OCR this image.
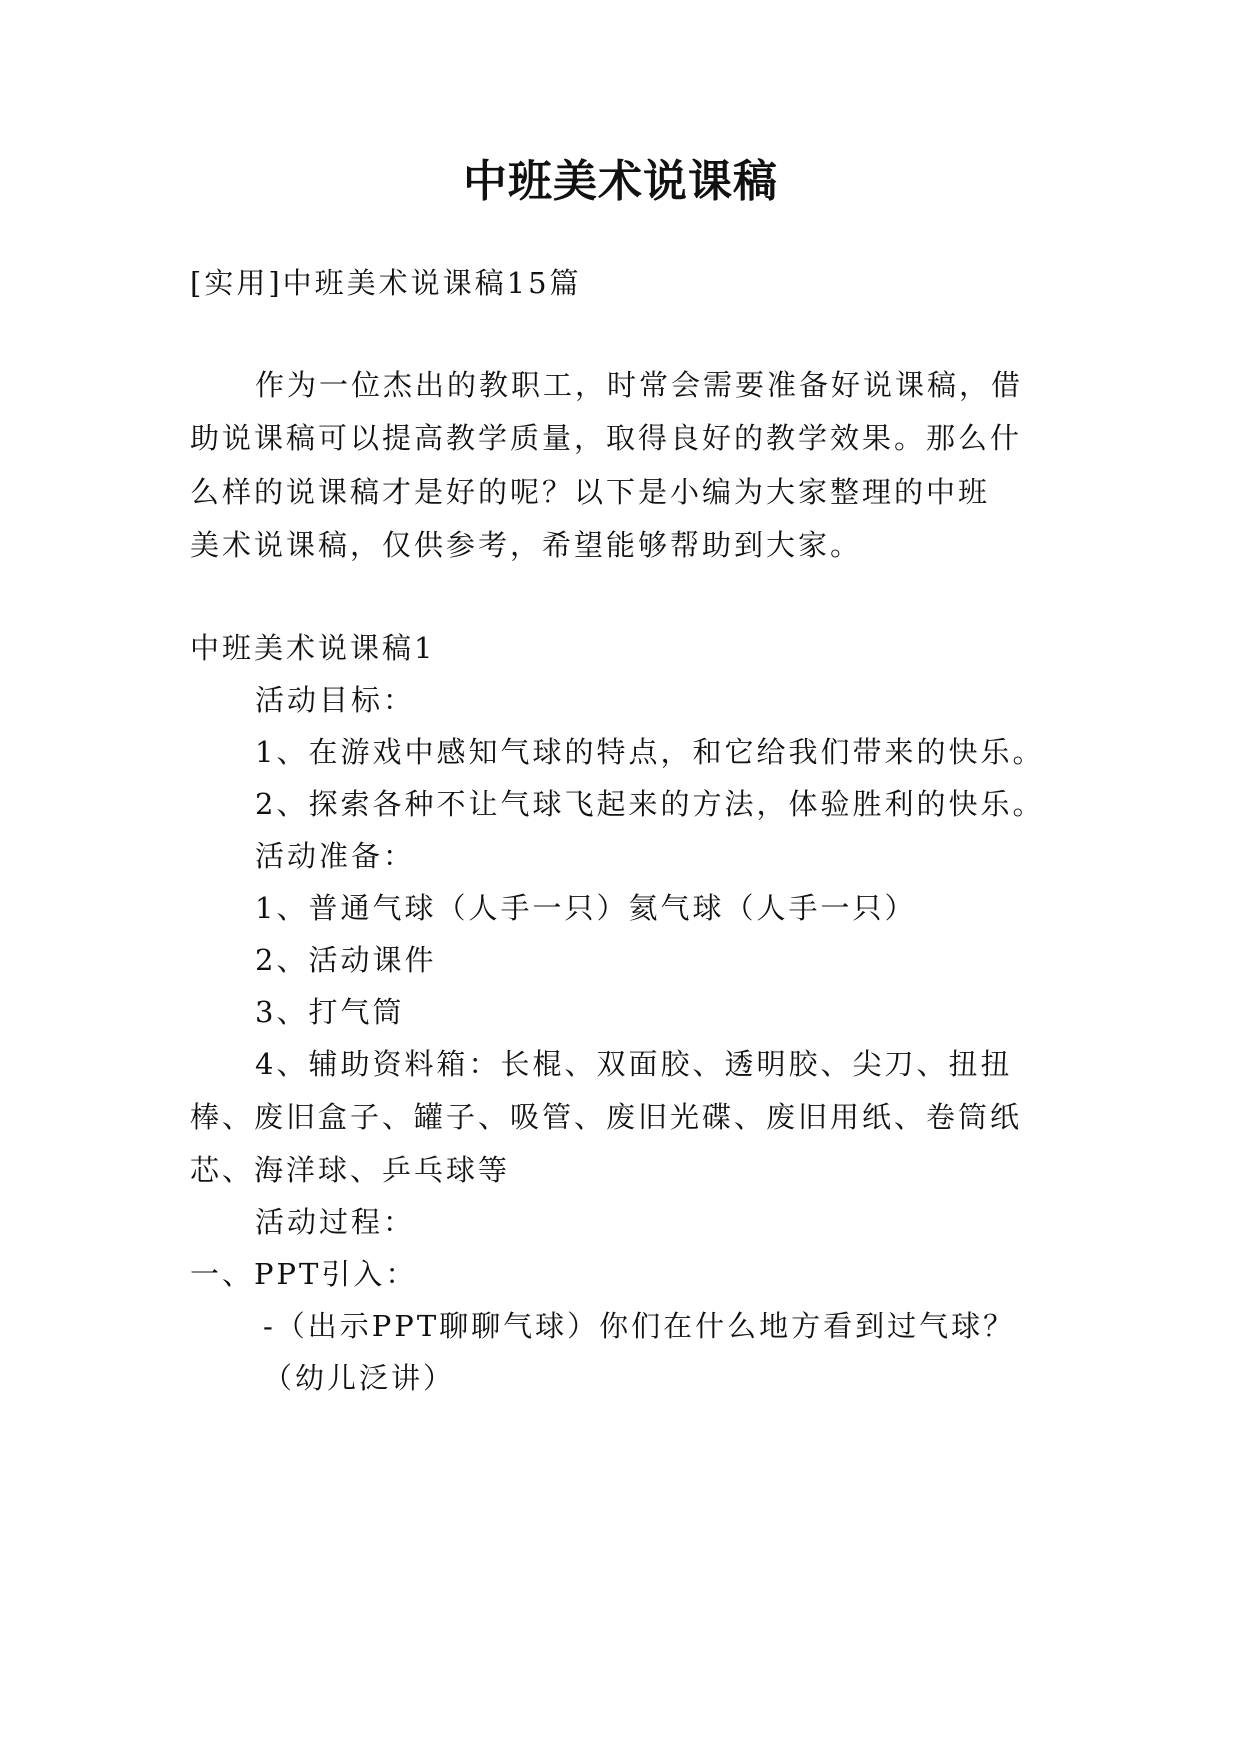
中班美术说课稿
[实用]中班美术说课稿15篇
作为一位杰出的教职工，时常会需要准备好说课稿，借
助说课稿可以提高教学质量，取得良好的教学效果。那么什
么样的说课稿才是好的呢？以下是小编为大家整理的中班
美术说课稿，仅供参考，希望能够帮助到大家。
中班美术说课稿1
活动目标：
1、在游戏中感知气球的特点，和它给我们带来的快乐。
2、探索各种不让气球飞起来的方法，体验胜利的快乐。
活动准备：
1、普通气球（人手一只）氦气球（人手一只）
2、活动课件
3、打气筒
4、辅助资料箱：长棍、双面胶、透明胶、尖刀、扭扭
棒、废旧盒子、罐子、吸管、废旧光碟、废旧用纸、卷筒纸
芯、海洋球、乒乓球等
活动过程：
一、PPT引入：
-（出示PPT聊聊气球）你们在什么地方看到过气球？
（幼儿泛讲）
